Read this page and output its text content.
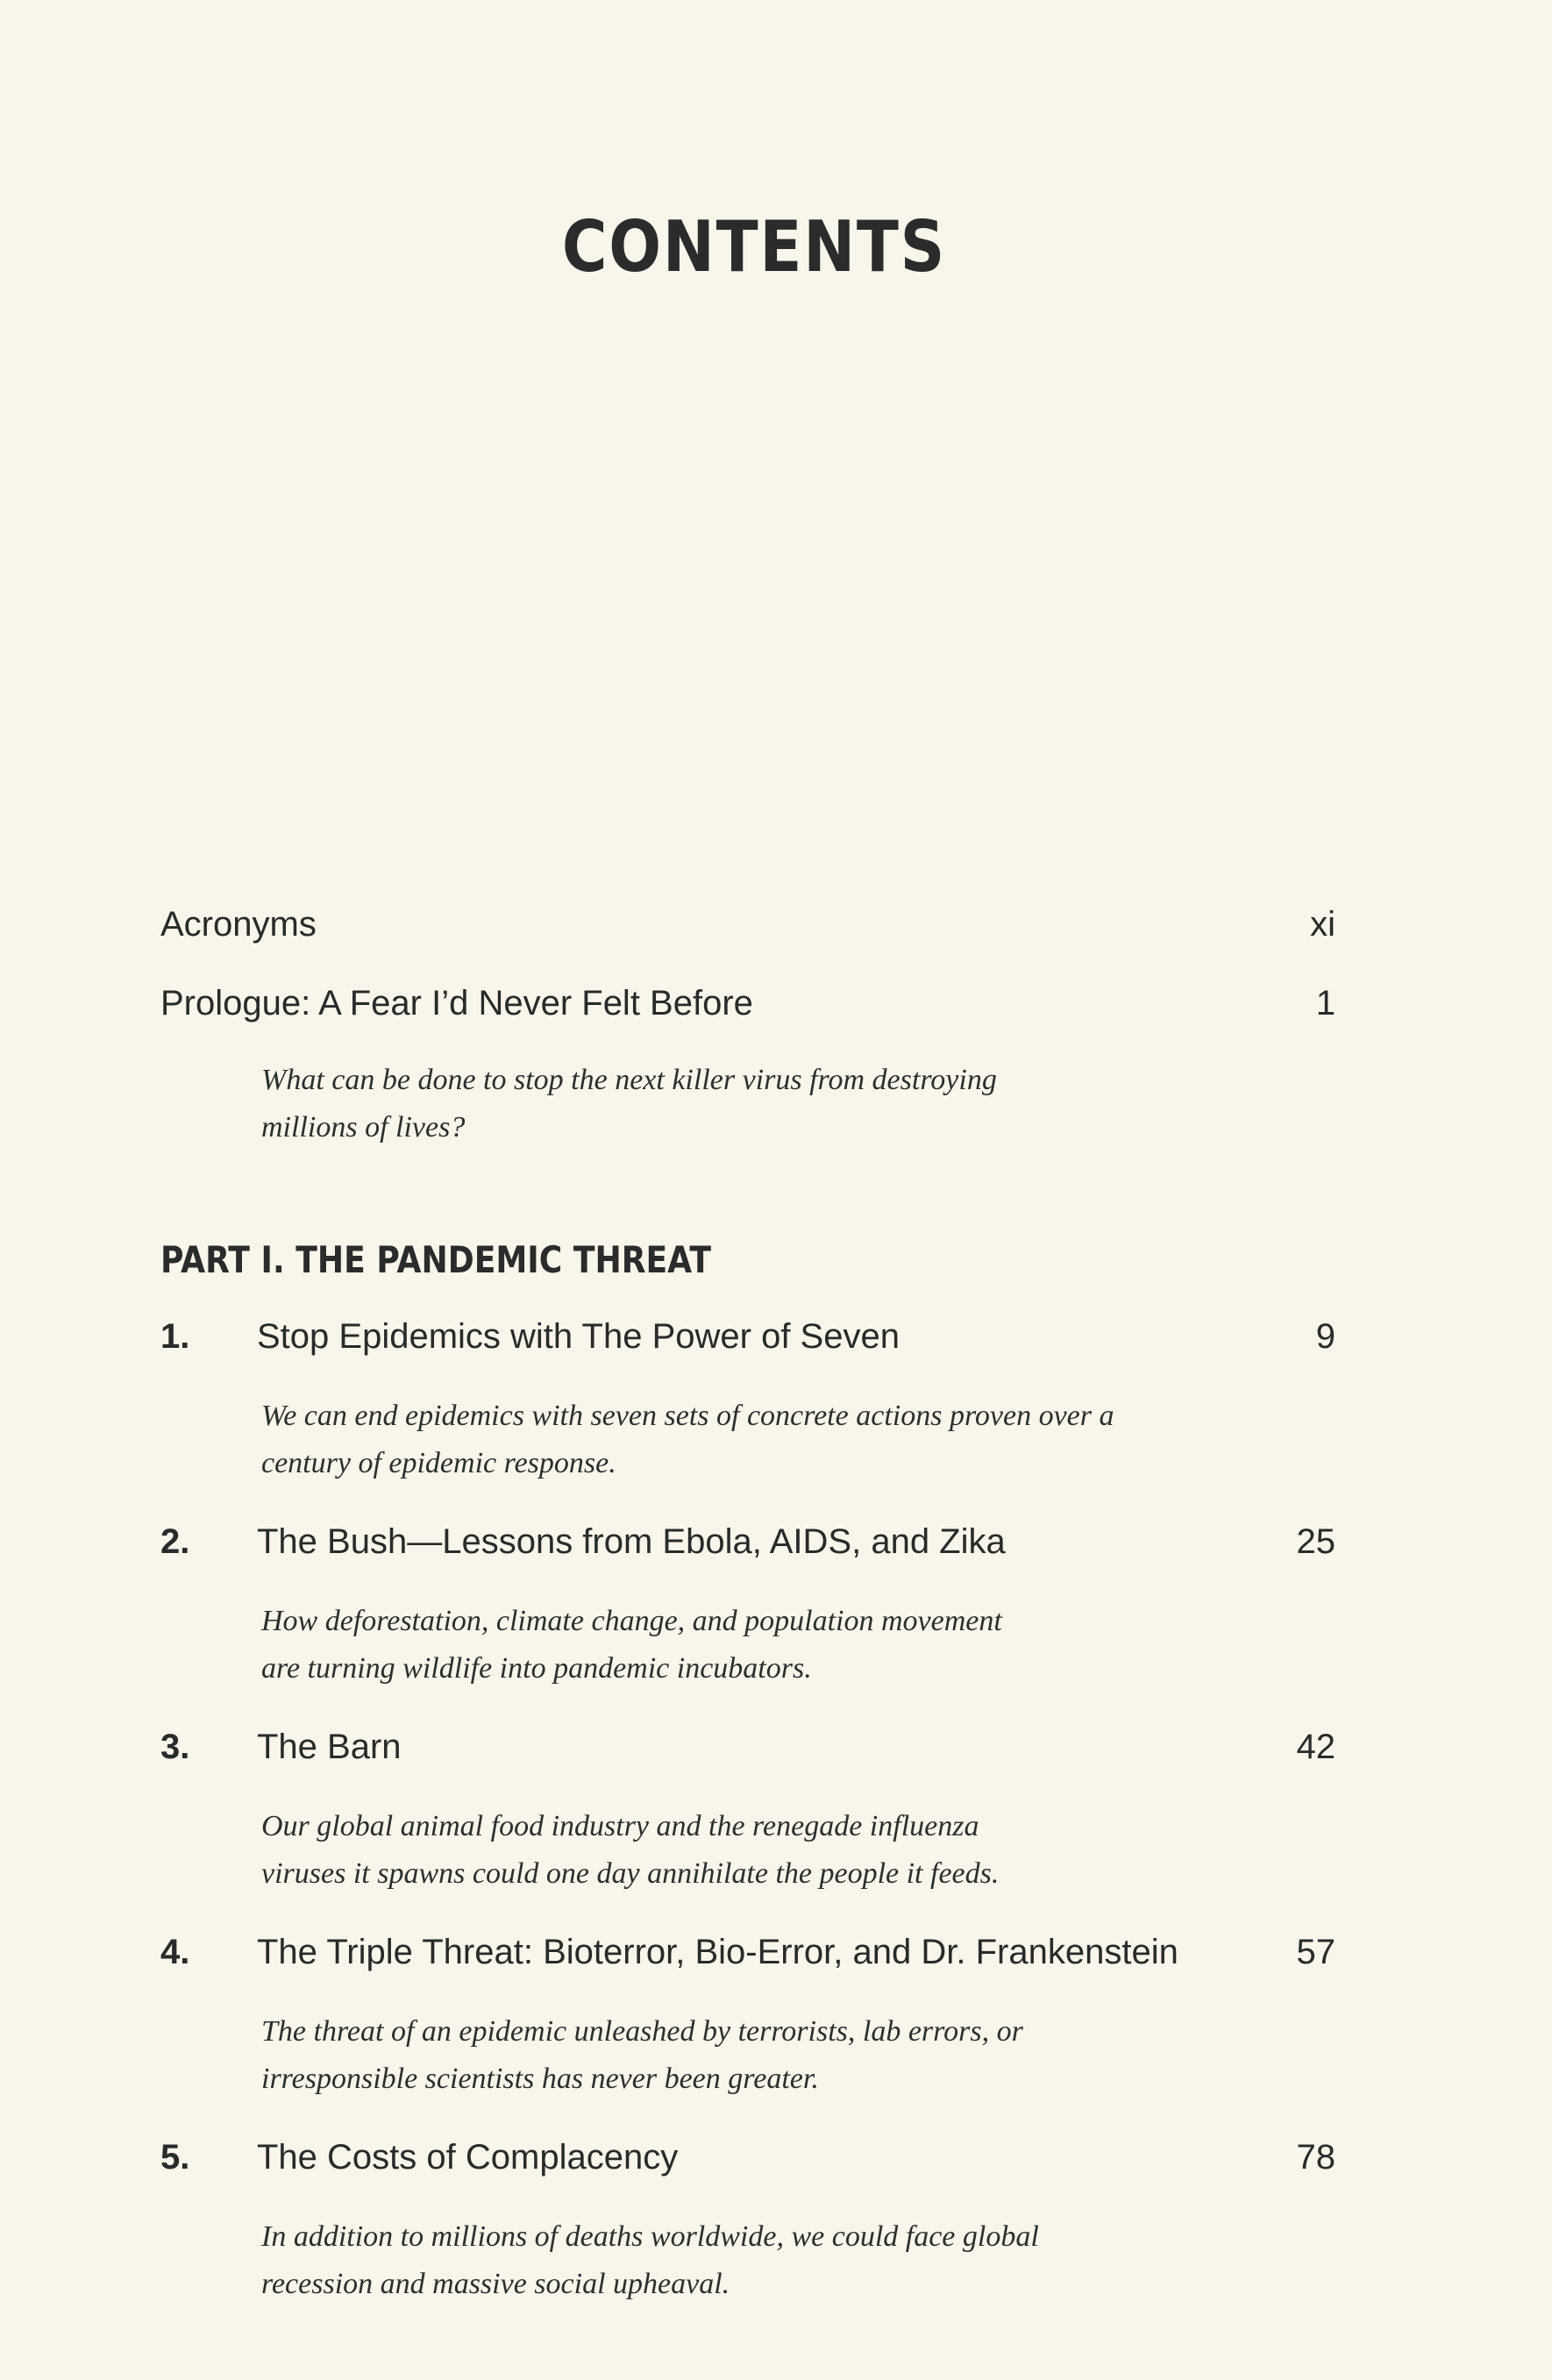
CONTENTS
Acronyms	xi
Prologue: A Fear I’d Never Felt Before	1
What can be done to stop the next killer virus from destroying
millions of lives?
PART I. THE PANDEMIC THREAT
1. Stop Epidemics with The Power of Seven	9
We can end epidemics with seven sets of concrete actions proven over a
century of epidemic response.
2. The Bush—Lessons from Ebola, AIDS, and Zika	25
How deforestation, climate change, and population movement
are turning wildlife into pandemic incubators.
3. The Barn	42
Our global animal food industry and the renegade influenza
viruses it spawns could one day annihilate the people it feeds.
4. The Triple Threat: Bioterror, Bio-Error, and Dr. Frankenstein	57
The threat of an epidemic unleashed by terrorists, lab errors, or
irresponsible scientists has never been greater.
5. The Costs of Complacency	78
In addition to millions of deaths worldwide, we could face global
recession and massive social upheaval.
